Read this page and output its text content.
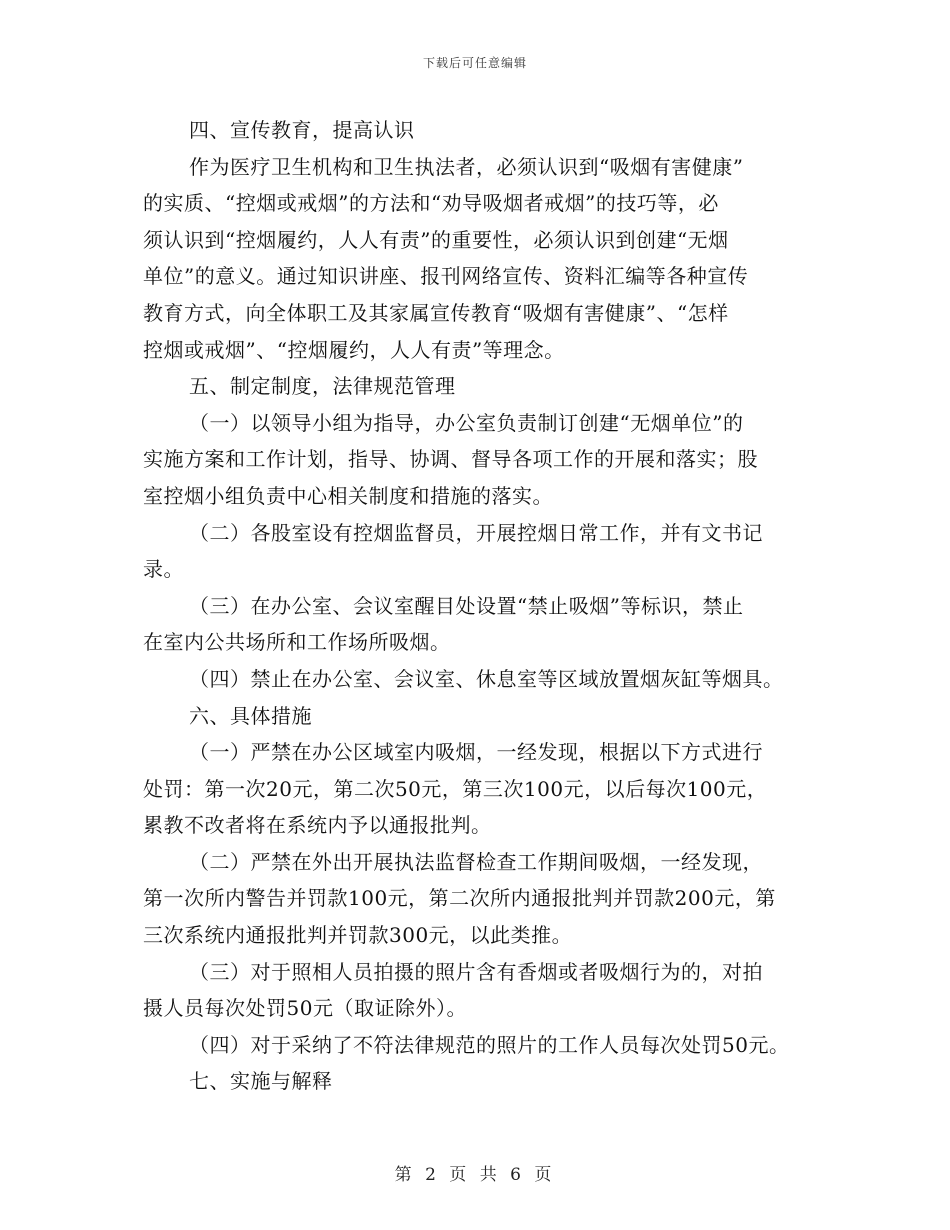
下载后可任意编辑
四、宣传教育，提高认识
作为医疗卫生机构和卫生执法者，必须认识到“吸烟有害健康”
的实质、“控烟或戒烟”的方法和“劝导吸烟者戒烟”的技巧等，必
须认识到“控烟履约，人人有责”的重要性，必须认识到创建“无烟
单位”的意义。通过知识讲座、报刊网络宣传、资料汇编等各种宣传
教育方式，向全体职工及其家属宣传教育“吸烟有害健康”、“怎样
控烟或戒烟”、“控烟履约，人人有责”等理念。
五、制定制度，法律规范管理
（一）以领导小组为指导，办公室负责制订创建“无烟单位”的
实施方案和工作计划，指导、协调、督导各项工作的开展和落实；股
室控烟小组负责中心相关制度和措施的落实。
（二）各股室设有控烟监督员，开展控烟日常工作，并有文书记
录。
（三）在办公室、会议室醒目处设置“禁止吸烟”等标识，禁止
在室内公共场所和工作场所吸烟。
（四）禁止在办公室、会议室、休息室等区域放置烟灰缸等烟具。
六、具体措施
（一）严禁在办公区域室内吸烟，一经发现，根据以下方式进行
处罚：第一次20元，第二次50元，第三次100元，以后每次100元，
累教不改者将在系统内予以通报批判。
（二）严禁在外出开展执法监督检查工作期间吸烟，一经发现，
第一次所内警告并罚款100元，第二次所内通报批判并罚款200元，第
三次系统内通报批判并罚款300元，以此类推。
（三）对于照相人员拍摄的照片含有香烟或者吸烟行为的，对拍
摄人员每次处罚50元（取证除外）。
（四）对于采纳了不符法律规范的照片的工作人员每次处罚50元。
七、实施与解释
第 2 页 共 6 页
